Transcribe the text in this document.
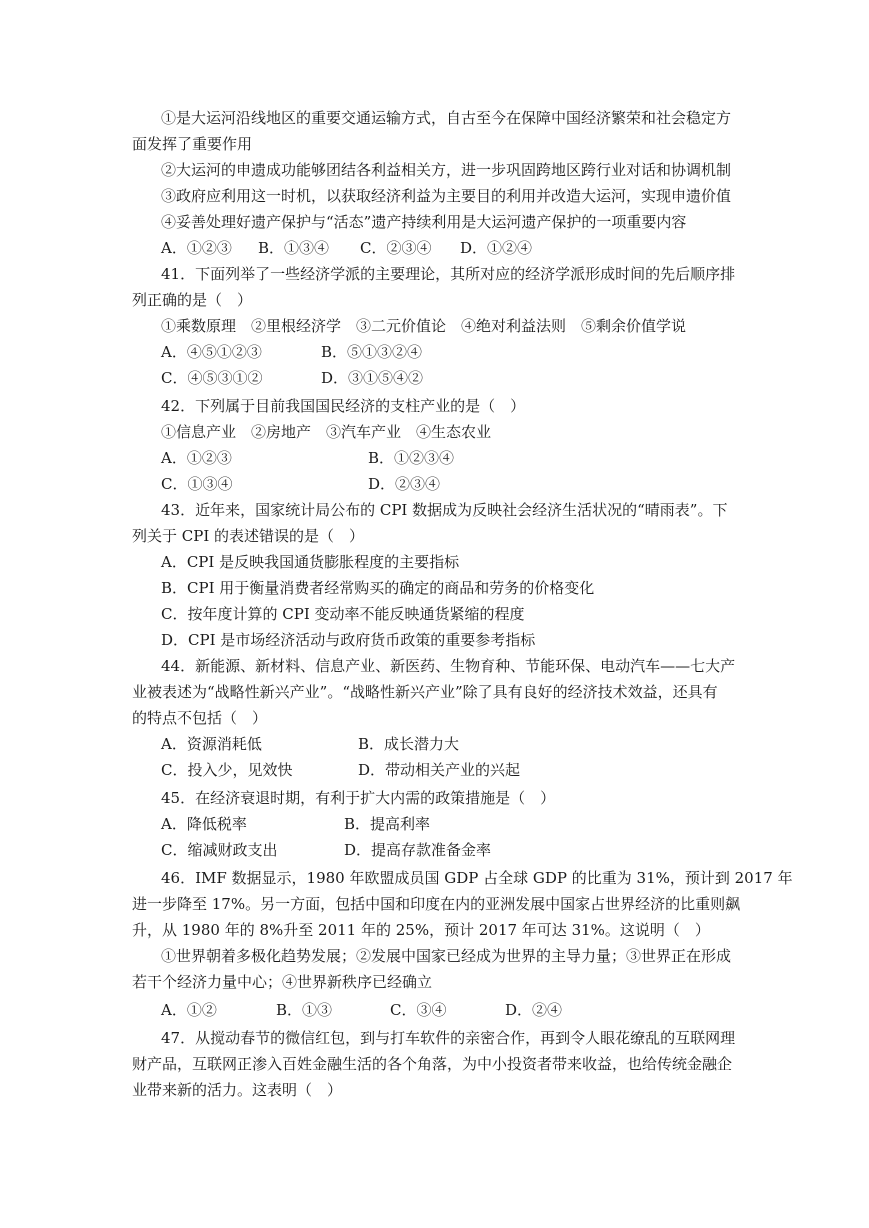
①是大运河沿线地区的重要交通运输方式，自古至今在保障中国经济繁荣和社会稳定方
面发挥了重要作用
②大运河的申遗成功能够团结各利益相关方，进一步巩固跨地区跨行业对话和协调机制
③政府应利用这一时机，以获取经济利益为主要目的利用并改造大运河，实现申遗价值
④妥善处理好遗产保护与“活态”遗产持续利用是大运河遗产保护的一项重要内容
A．①②③ B．①③④ C．②③④ D．①②④
41．下面列举了一些经济学派的主要理论，其所对应的经济学派形成时间的先后顺序排
列正确的是（　）
①乘数原理　②里根经济学　③二元价值论　④绝对利益法则　⑤剩余价值学说
A．④⑤①②③	B．⑤①③②④
C．④⑤③①②	D．③①⑤④②
42．下列属于目前我国国民经济的支柱产业的是（　）
①信息产业　②房地产　③汽车产业　④生态农业
A．①②③	B．①②③④
C．①③④	D．②③④
43．近年来，国家统计局公布的 CPI 数据成为反映社会经济生活状况的“晴雨表”。下
列关于 CPI 的表述错误的是（　）
A．CPI 是反映我国通货膨胀程度的主要指标
B．CPI 用于衡量消费者经常购买的确定的商品和劳务的价格变化
C．按年度计算的 CPI 变动率不能反映通货紧缩的程度
D．CPI 是市场经济活动与政府货币政策的重要参考指标
44．新能源、新材料、信息产业、新医药、生物育种、节能环保、电动汽车——七大产
业被表述为“战略性新兴产业”。“战略性新兴产业”除了具有良好的经济技术效益，还具有
的特点不包括（　）
A．资源消耗低	B．成长潜力大
C．投入少，见效快	D．带动相关产业的兴起
45．在经济衰退时期，有利于扩大内需的政策措施是（　）
A．降低税率	B．提高利率
C．缩减财政支出	D．提高存款准备金率
46．IMF 数据显示，1980 年欧盟成员国 GDP 占全球 GDP 的比重为 31%，预计到 2017 年
进一步降至 17%。另一方面，包括中国和印度在内的亚洲发展中国家占世界经济的比重则飙
升，从 1980 年的 8%升至 2011 年的 25%，预计 2017 年可达 31%。这说明（　）
①世界朝着多极化趋势发展；②发展中国家已经成为世界的主导力量；③世界正在形成
若干个经济力量中心；④世界新秩序已经确立
A．①②	B．①③	C．③④	D．②④
47．从搅动春节的微信红包，到与打车软件的亲密合作，再到令人眼花缭乱的互联网理
财产品，互联网正渗入百姓金融生活的各个角落，为中小投资者带来收益，也给传统金融企
业带来新的活力。这表明（　）
